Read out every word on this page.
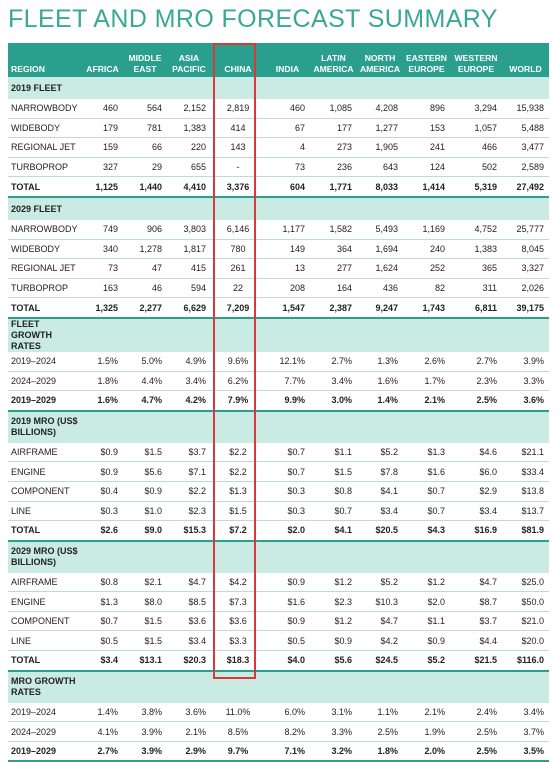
FLEET AND MRO FORECAST SUMMARY
REGION	AFRICA	MIDDLE EAST	ASIA PACIFIC		CHINA		INDIA	LATIN AMERICA	NORTH AMERICA	EASTERN EUROPE	WESTERN EUROPE	WORLD
2019 FLEET												
NARROWBODY	460	564	2,152		2,819		460	1,085	4,208	896	3,294	15,938
WIDEBODY	179	781	1,383		414		67	177	1,277	153	1,057	5,488
REGIONAL JET	159	66	220		143		4	273	1,905	241	466	3,477
TURBOPROP	327	29	655		-		73	236	643	124	502	2,589
TOTAL	1,125	1,440	4,410		3,376		604	1,771	8,033	1,414	5,319	27,492
2029 FLEET												
NARROWBODY	749	906	3,803		6,146		1,177	1,582	5,493	1,169	4,752	25,777
WIDEBODY	340	1,278	1,817		780		149	364	1,694	240	1,383	8,045
REGIONAL JET	73	47	415		261		13	277	1,624	252	365	3,327
TURBOPROP	163	46	594		22		208	164	436	82	311	2,026
TOTAL	1,325	2,277	6,629		7,209		1,547	2,387	9,247	1,743	6,811	39,175
FLEET GROWTH RATES												
2019–2024	1.5%	5.0%	4.9%		9.6%		12.1%	2.7%	1.3%	2.6%	2.7%	3.9%
2024–2029	1.8%	4.4%	3.4%		6.2%		7.7%	3.4%	1.6%	1.7%	2.3%	3.3%
2019–2029	1.6%	4.7%	4.2%		7.9%		9.9%	3.0%	1.4%	2.1%	2.5%	3.6%
2019 MRO (US$ BILLIONS)												
AIRFRAME	$0.9	$1.5	$3.7		$2.2		$0.7	$1.1	$5.2	$1.3	$4.6	$21.1
ENGINE	$0.9	$5.6	$7.1		$2.2		$0.7	$1.5	$7.8	$1.6	$6.0	$33.4
COMPONENT	$0.4	$0.9	$2.2		$1.3		$0.3	$0.8	$4.1	$0.7	$2.9	$13.8
LINE	$0.3	$1.0	$2.3		$1.5		$0.3	$0.7	$3.4	$0.7	$3.4	$13.7
TOTAL	$2.6	$9.0	$15.3		$7.2		$2.0	$4.1	$20.5	$4.3	$16.9	$81.9
2029 MRO (US$ BILLIONS)												
AIRFRAME	$0.8	$2.1	$4.7		$4.2		$0.9	$1.2	$5.2	$1.2	$4.7	$25.0
ENGINE	$1.3	$8.0	$8.5		$7.3		$1.6	$2.3	$10.3	$2.0	$8.7	$50.0
COMPONENT	$0.7	$1.5	$3.6		$3.6		$0.9	$1.2	$4.7	$1.1	$3.7	$21.0
LINE	$0.5	$1.5	$3.4		$3.3		$0.5	$0.9	$4.2	$0.9	$4.4	$20.0
TOTAL	$3.4	$13.1	$20.3		$18.3		$4.0	$5.6	$24.5	$5.2	$21.5	$116.0
MRO GROWTH RATES												
2019–2024	1.4%	3.8%	3.6%		11.0%		6.0%	3.1%	1.1%	2.1%	2.4%	3.4%
2024–2029	4.1%	3.9%	2.1%		8.5%		8.2%	3.3%	2.5%	1.9%	2.5%	3.7%
2019–2029	2.7%	3.9%	2.9%		9.7%		7.1%	3.2%	1.8%	2.0%	2.5%	3.5%
